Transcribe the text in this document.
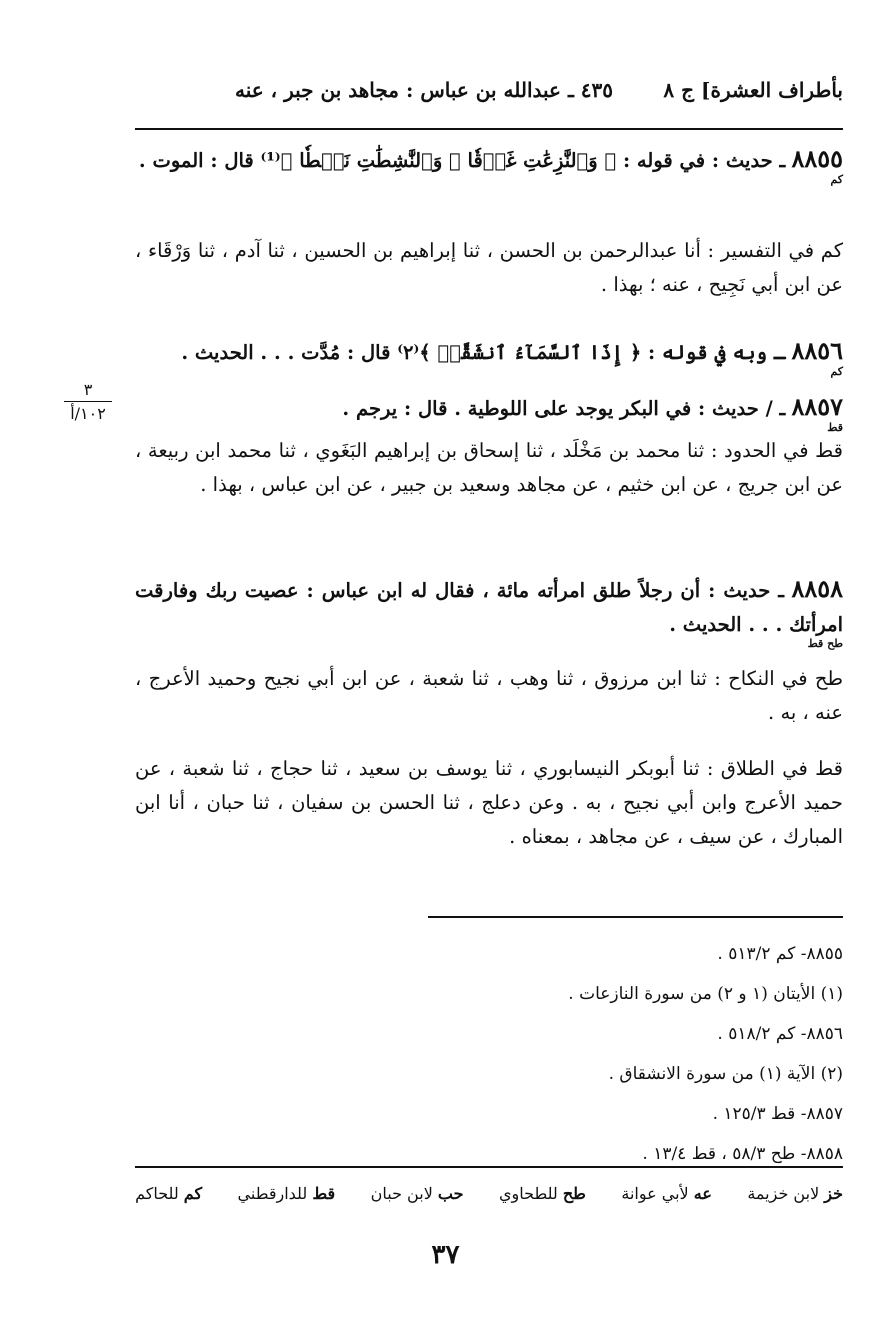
بأطراف العشرة] ج ٨
٤٣٥ ـ عبدالله بن عباس : مجاهد بن جبر ، عنه
٣
١٠٢/أ
٨٨٥٥ ـ حديث : في قوله : ﴿ وَٱلنَّٰزِعَٰتِ غَرۡقٗا ۞ وَٱلنَّٰشِطَٰتِ نَشۡطٗا ﴾⁽¹⁾ قال : الموت .
كم
كم في التفسير : أنا عبدالرحمن بن الحسن ، ثنا إبراهيم بن الحسين ، ثنا آدم ، ثنا وَرْقَاء ، عن ابن أبي نَجِيح ، عنه ؛ بهذا .
٨٨٥٦ ـ وبه في قوله : ﴿ إِذَا ٱلسَّمَآءُ ٱنشَقَّتۡ ﴾⁽٢⁾ قال : مُدَّت . . . الحديث .
كم
٨٨٥٧ ـ / حديث : في البكر يوجد على اللوطية . قال : يرجم .
قط
قط في الحدود : ثنا محمد بن مَخْلَد ، ثنا إسحاق بن إبراهيم البَغَوي ، ثنا محمد ابن ربيعة ، عن ابن جريج ، عن ابن خثيم ، عن مجاهد وسعيد بن جبير ، عن ابن عباس ، بهذا .
٨٨٥٨ ـ حديث : أن رجلاً طلق امرأته مائة ، فقال له ابن عباس : عصيت ربك وفارقت امرأتك . . . الحديث .
طح قط
طح في النكاح : ثنا ابن مرزوق ، ثنا وهب ، ثنا شعبة ، عن ابن أبي نجيح وحميد الأعرج ، عنه ، به .
قط في الطلاق : ثنا أبوبكر النيسابوري ، ثنا يوسف بن سعيد ، ثنا حجاج ، ثنا شعبة ، عن حميد الأعرج وابن أبي نجيح ، به . وعن دعلج ، ثنا الحسن بن سفيان ، ثنا حبان ، أنا ابن المبارك ، عن سيف ، عن مجاهد ، بمعناه .
٨٨٥٥- كم ٥١٣/٢ .
(١) الأيتان (١ و ٢) من سورة النازعات .
٨٨٥٦- كم ٥١٨/٢ .
(٢) الآية (١) من سورة الانشقاق .
٨٨٥٧- قط ١٢٥/٣ .
٨٨٥٨- طح ٥٨/٣ ، قط ١٣/٤ .
خز لابن خزيمة
عه لأبي عوانة
طح للطحاوي
حب لابن حبان
قط للدارقطني
كم للحاكم
٣٧
